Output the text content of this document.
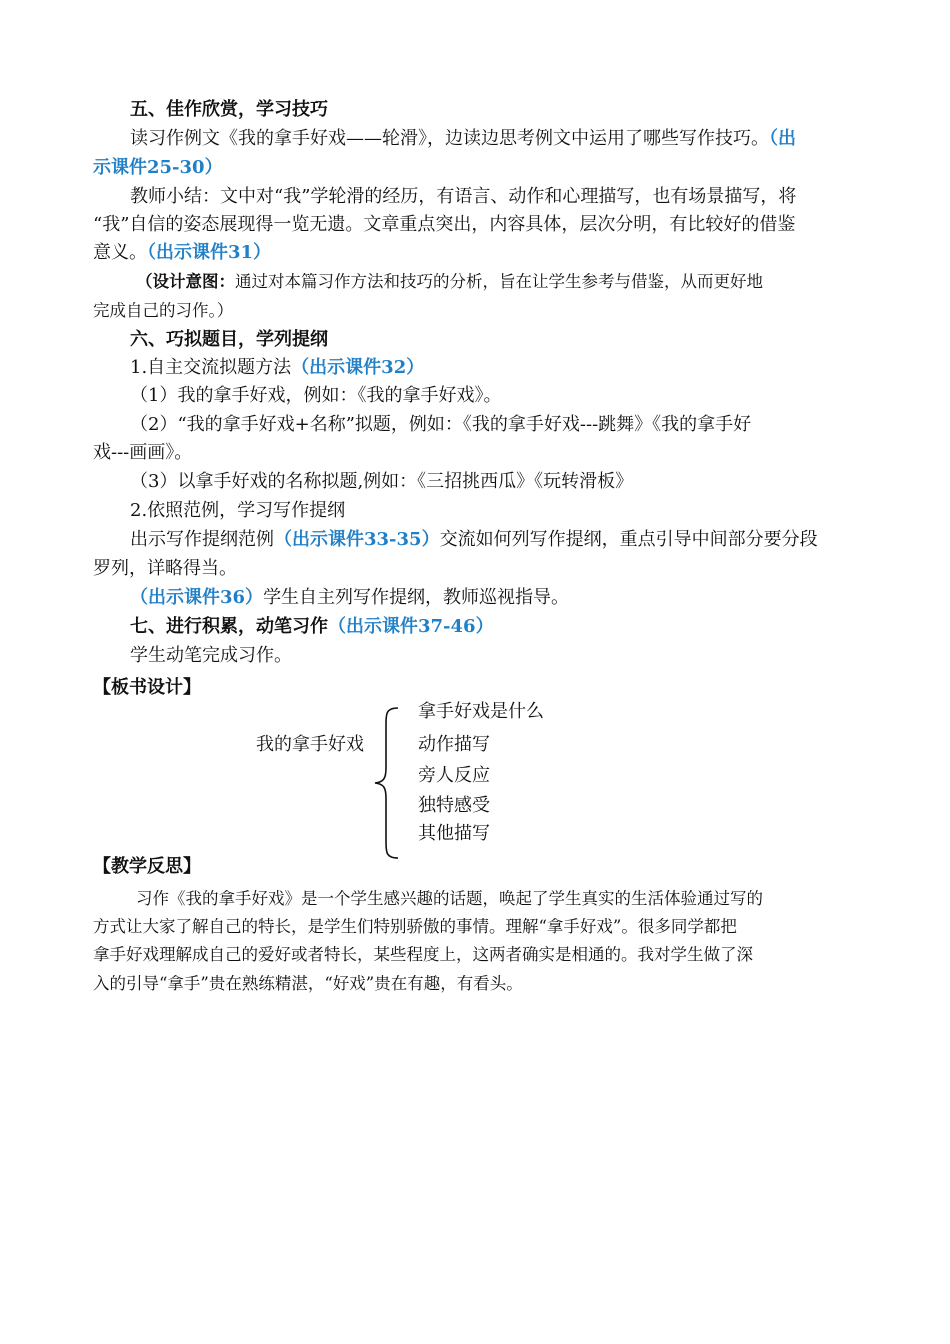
五、佳作欣赏，学习技巧
读习作例文《我的拿手好戏——轮滑》，边读边思考例文中运用了哪些写作技巧。（出
示课件25-30）
教师小结：文中对“我”学轮滑的经历，有语言、动作和心理描写，也有场景描写，将
“我”自信的姿态展现得一览无遗。文章重点突出，内容具体，层次分明，有比较好的借鉴
意义。（出示课件31）
（设计意图：通过对本篇习作方法和技巧的分析，旨在让学生参考与借鉴，从而更好地
完成自己的习作。）
六、巧拟题目，学列提纲
1.自主交流拟题方法（出示课件32）
（1）我的拿手好戏，例如：《我的拿手好戏》。
（2）“我的拿手好戏+名称”拟题，例如：《我的拿手好戏---跳舞》《我的拿手好
戏---画画》。
（3）以拿手好戏的名称拟题,例如：《三招挑西瓜》《玩转滑板》
2.依照范例，学习写作提纲
出示写作提纲范例（出示课件33-35）交流如何列写作提纲，重点引导中间部分要分段
罗列，详略得当。
（出示课件36）学生自主列写作提纲，教师巡视指导。
七、进行积累，动笔习作（出示课件37-46）
学生动笔完成习作。
【板书设计】
我的拿手好戏
拿手好戏是什么
动作描写
旁人反应
独特感受
其他描写
【教学反思】
习作《我的拿手好戏》是一个学生感兴趣的话题，唤起了学生真实的生活体验通过写的
方式让大家了解自己的特长，是学生们特别骄傲的事情。理解“拿手好戏”。很多同学都把
拿手好戏理解成自己的爱好或者特长，某些程度上，这两者确实是相通的。我对学生做了深
入的引导“拿手”贵在熟练精湛，“好戏”贵在有趣，有看头。
